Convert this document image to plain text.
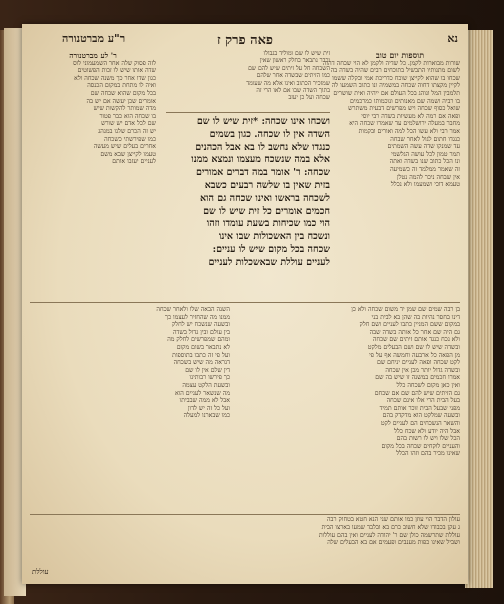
נא
פאה פרק ז
ר"ע מברטנורה

תוספות יום טוב

שורות מבוארות לקמן. כל שדיה ולקמן לא הוי שכחה דהוה

לשום מתנותיו התבשיל בתוכחים רבים שהיה בשדה בה

שכחו בו שהוא לקייצן שוכח כדריכת אמי ובקלה ששמו

לקיין מקצתו דחוה שכחה במשמיה ונו כתוב השמעו לה

תלמבין המל ונוהג בכל העולם אם ייהיה ואית שושרים

בו רביה ושמה שם מאנותים ונוכמותו כמרכמים

שואל כסוף שכחה ויש מפרשים דבעית משתרש

ופאה אם רמה לא מעשיות בשדה רבי יוסי

מחבר במעלה ירושלמים עד שאמרו שכחה היא

אמר רבי ולא עשו הכל למה ואורים ובקמות

כנגדו חתום לגול לאחר שבחה

עד שמנקו שדה עשה השמתים

תמר טמון לכל עושה הגלשמי

ונו הכל כתוב שנו בשדה ואתה

זה שאמר ממלמד זה כשמיעה

אין שבחה ניכר להמה נטלן

טעמא דוכי ושמעמו ולא נכלל

ר' לע מברטנורה

לזה פסוק שלה אחר השמעמוני לוס

שדה אותו שיש לו זכות הפשוטים

כגון שדו אחר כך משנה שכחה ולא

ואיה לו מתחת במקום הכנסה

בכל מקום שהוא שכחה שם

אומרים שכן יעשה אם יש בה

מדה שמותר להקשות שיש

בו שכחה הוא כבר פטור

שם לכל אדם יש שורש

יש זה הכרם שלנו במנהג

כמו שפירשתי כשכחה

אחרים בעלים שיש מעשה

טעמו לקייצן שבא משם

לעניים יעזבו אותם

זית שיש לו שם ומוליד בגבולו

וכבר נתבאר בחלק ראשון שאין

השכחה חל על זיתים שיש להם שם

כמו הזיתים שבשדה אחר שלהם

שמזכיר הכתוב ואינו אלא מה שעומד

בתוך השדה שבו אם לאו הרי זה

שכחה ועל כן יעזב

ושכחו אינו שכחה: *זית שיש לו שם

השדה אין לו שכחה. כגון בשמים

כנגדו שלא נחשב לו בא אבל הכהנים

אלא במה שנשכח מעצמו ונמצא ממנו

שכחה: ר' אומר במה דברים אמורים

בזית שאין בו שלשה רבעים כשבא

לשכחה בראשו ואינו שכחה גם הוא

חכמים אומרים כל זית שיש לו שם

הוי כמו שכיחות בשעת עומדו וזהו

ונשכח בין האשכולות שבו אינו

שכחה בכל מקום שיש לו עניים:

לעניים עוללת שבאשכלות לעניים

בן רבה שמים שם שמן יד משום שכחה ולא כן

דינו בחסר נהיות בה שהן בא לבית בני

במקום ששם המניין כתבו לעניים ושם חלק

גם היה שם אחר כל אותה בשדה שבה

ולא נכח כנגד אותם זיתים שם שכחה

ובשדה שיש לו שם ושם הבעלים מלקט

מן הפאה כל ארבעה וחמשה אף על פי

לקט שכחה ופאה לעניים יניחם שם

ובשדה גדול יותר מכן אין שכחה

אמרו חכמים במשנה זו שיש בה שם

ואין כאן מקום לשכחה כלל

גם הזיתים שיש להם שם אם שכחם

בעל הבית הרי אלו אינם שכחה

מפני שבעל הבית זוכר אותם תמיד

ובשעה שמלקט הוא מדקדק בהם

והשאר הנשכחים הם לעניים לקט

אבל היה יודע ולא שכח כלל

הכל שלו ויש לו רשות בהם

והעניים לוקחים שכחה בכל מקום

שאינו מכיר בהם וזהו הכלל

השנה הבאה שלו ולאחר שכחה

ממנו מה שהחזיר לעצמו כך

ובשעה שנשכח יש לחלק

בין עולם ובין גדול בשדה

ומהם שמפרשים לחלק מה

לא נתבאר בשום מקום

ועל פי זה כתבו בתוספות

דנראה מה שיש בשכחה

דין שלם אין לו שם

כך פירשו רבותינו

ובשעת הלקט עצמה

מה שנשאר לעניים הוא

אבל לא ממה שבביתו

ועל כל זה יש לדון

כמו שבארנו למעלה

עולון הדבר הוי עוזן כמו אותם שני הנא חטא בטחוק רבה

ג עקן בכבודו שלא חשוב כרם בא ובלבד שמעו בארצו הבית

עוללת שתרשמה כולן שם ר' יהודה לעניים ואין בהם עוללות

ושביל שאינו כפות מענבים ופעמים אם בא הבעלים שלה

עוללת
